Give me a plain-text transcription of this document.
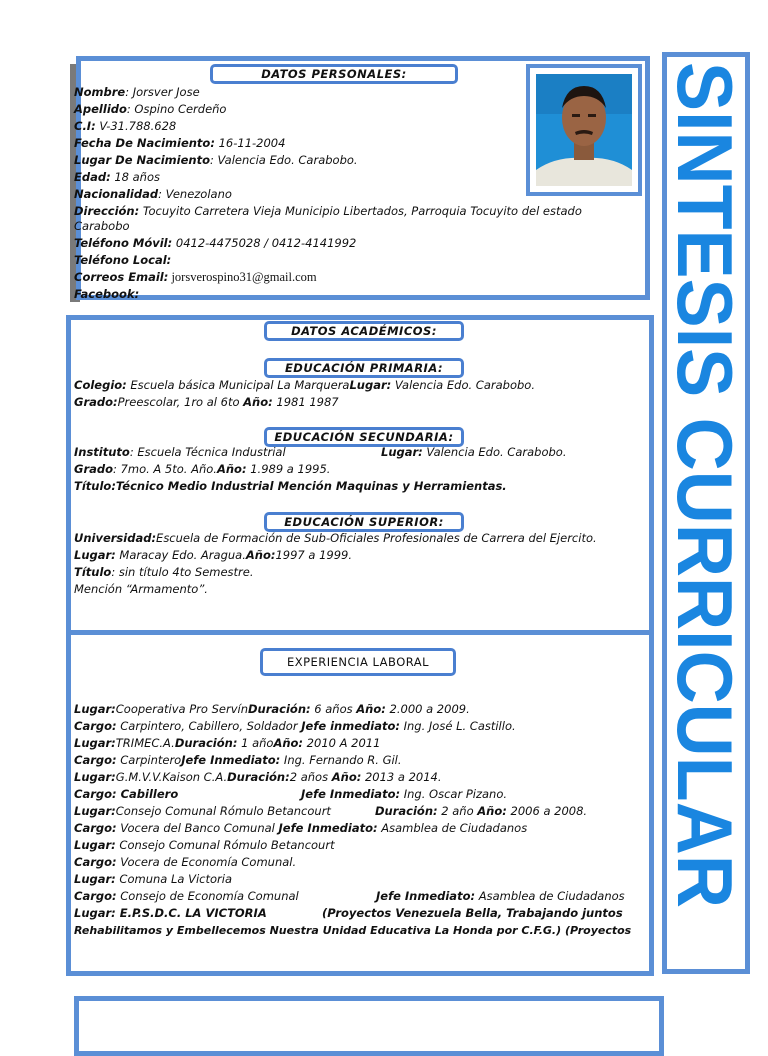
DATOS PERSONALES:
Nombre: Jorsver Jose
Apellido: Ospino Cerdeño
C.I: V-31.788.628
Fecha De Nacimiento: 16-11-2004
Lugar De Nacimiento: Valencia Edo. Carabobo.
Edad: 18 años
Nacionalidad: Venezolano
Dirección: Tocuyito Carretera Vieja Municipio Libertados, Parroquia Tocuyito del estado
Carabobo
Teléfono Móvil: 0412-4475028 / 0412-4141992
Teléfono Local:
Correos Email: jorsverospino31@gmail.com
Facebook:
DATOS ACADÉMICOS:
EDUCACIÓN PRIMARIA:
Colegio: Escuela básica Municipal La MarqueraLugar: Valencia Edo. Carabobo.
Grado:Preescolar, 1ro al 6to Año: 1981 1987
EDUCACIÓN SECUNDARIA:
Instituto: Escuela Técnica Industrial	Lugar: Valencia Edo. Carabobo.
Grado: 7mo. A 5to. Año.Año: 1.989 a 1995.
Título:Técnico Medio Industrial Mención Maquinas y Herramientas.
EDUCACIÓN SUPERIOR:
Universidad:Escuela de Formación de Sub-Oficiales Profesionales de Carrera del Ejercito.
Lugar: Maracay Edo. Aragua.Año:1997 a 1999.
Título: sin título 4to Semestre.
Mención “Armamento”.
EXPERIENCIA LABORAL
Lugar:Cooperativa Pro ServínDuración: 6 años Año: 2.000 a 2009.
Cargo: Carpintero, Cabillero, Soldador Jefe inmediato: Ing. José L. Castillo.
Lugar:TRIMEC.A.Duración: 1 añoAño: 2010 A 2011
Cargo: CarpinteroJefe Inmediato: Ing. Fernando R. Gil.
Lugar:G.M.V.V.Kaison C.A.Duración:2 años Año: 2013 a 2014.
Cargo: Cabillero	Jefe Inmediato: Ing. Oscar Pizano.
Lugar:Consejo Comunal Rómulo Betancourt	Duración: 2 año Año: 2006 a 2008.
Cargo: Vocera del Banco Comunal Jefe Inmediato: Asamblea de Ciudadanos
Lugar: Consejo Comunal Rómulo Betancourt
Cargo: Vocera de Economía Comunal.
Lugar: Comuna La Victoria
Cargo: Consejo de Economía Comunal	Jefe Inmediato: Asamblea de Ciudadanos
Lugar: E.P.S.D.C. LA VICTORIA	(Proyectos Venezuela Bella, Trabajando juntos
Rehabilitamos y Embellecemos Nuestra Unidad Educativa La Honda por C.F.G.) (Proyectos SINTESIS CURRICULAR
